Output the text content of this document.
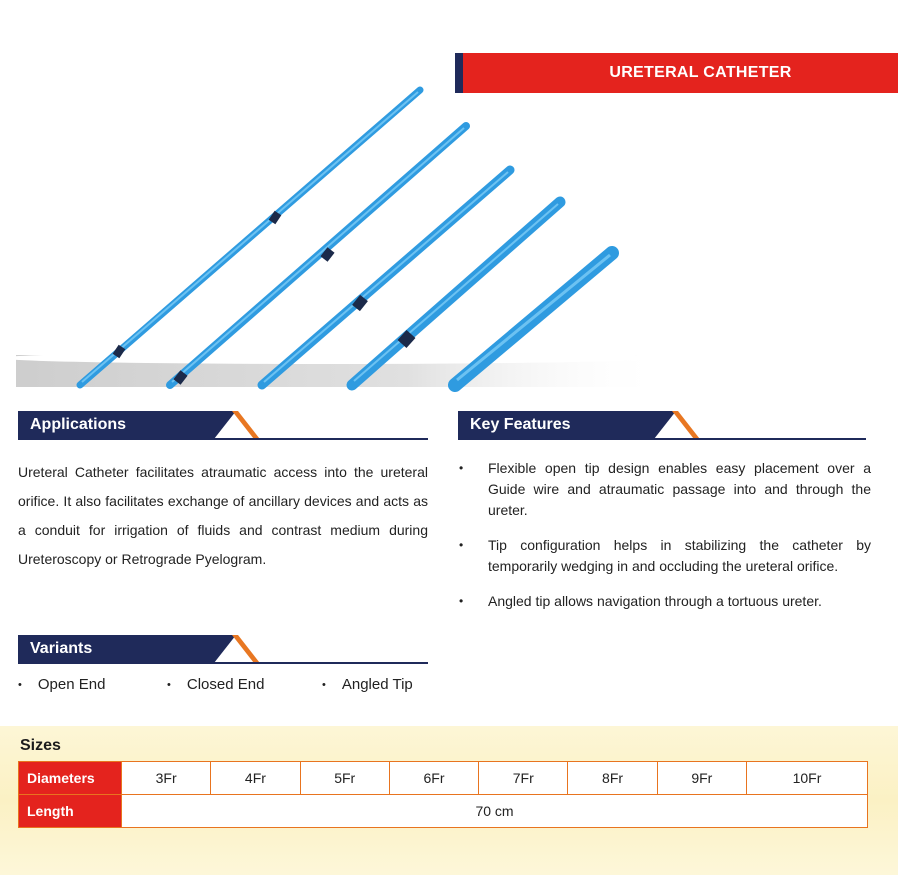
URETERAL CATHETER
Applications
Ureteral Catheter facilitates atraumatic access into the ureteral orifice. It also facilitates exchange of ancillary devices and acts as a conduit for irrigation of fluids and contrast medium during Ureteroscopy or Retrograde Pyelogram.
Key Features
• Flexible open tip design enables easy placement over a Guide wire and atraumatic passage into and through the ureter.
• Tip configuration helps in stabilizing the catheter by temporarily wedging in and occluding the ureteral orifice.
• Angled tip allows navigation through a tortuous ureter.
Variants
• Open End	• Closed End	• Angled Tip
Sizes
Diameters	3Fr	4Fr	5Fr	6Fr	7Fr	8Fr	9Fr	10Fr
Length	70 cm							
